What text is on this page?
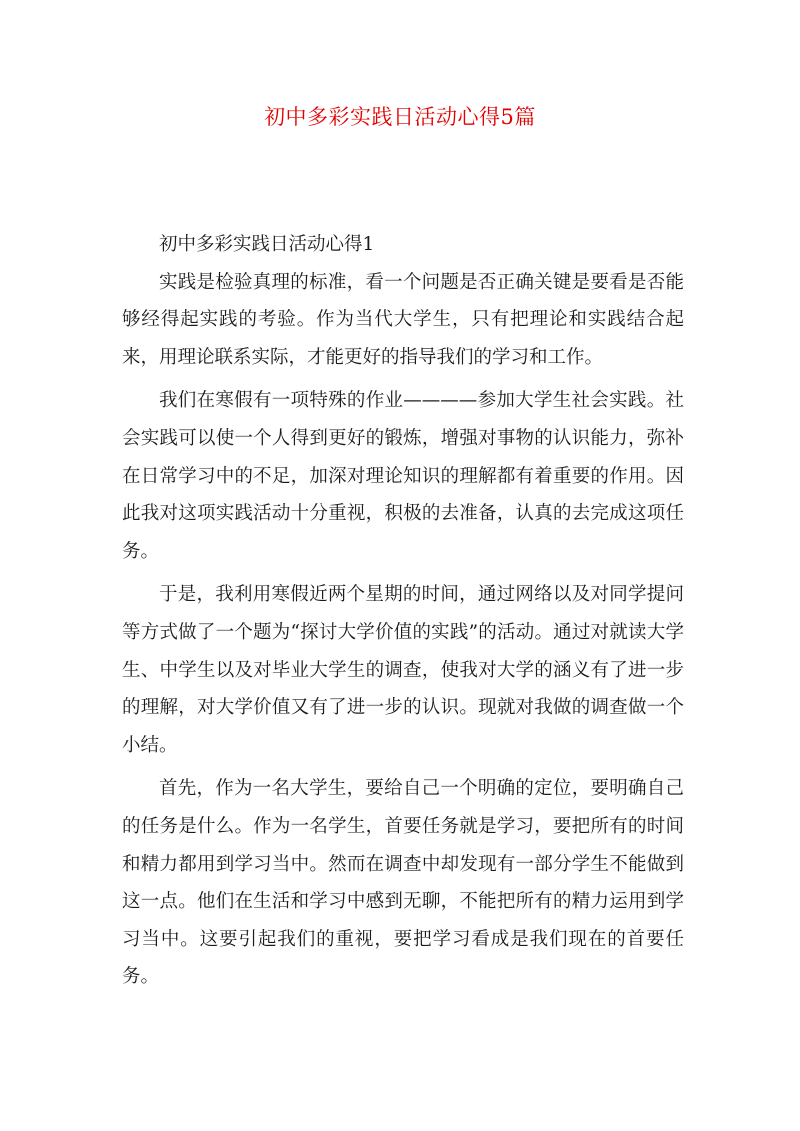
初中多彩实践日活动心得5篇

初中多彩实践日活动心得1

实践是检验真理的标准，看一个问题是否正确关键是要看是否能够经得起实践的考验。作为当代大学生，只有把理论和实践结合起来，用理论联系实际，才能更好的指导我们的学习和工作。

我们在寒假有一项特殊的作业————参加大学生社会实践。社会实践可以使一个人得到更好的锻炼，增强对事物的认识能力，弥补在日常学习中的不足，加深对理论知识的理解都有着重要的作用。因此我对这项实践活动十分重视，积极的去准备，认真的去完成这项任务。

于是，我利用寒假近两个星期的时间，通过网络以及对同学提问等方式做了一个题为“探讨大学价值的实践”的活动。通过对就读大学生、中学生以及对毕业大学生的调查，使我对大学的涵义有了进一步的理解，对大学价值又有了进一步的认识。现就对我做的调查做一个小结。

首先，作为一名大学生，要给自己一个明确的定位，要明确自己的任务是什么。作为一名学生，首要任务就是学习，要把所有的时间和精力都用到学习当中。然而在调查中却发现有一部分学生不能做到这一点。他们在生活和学习中感到无聊，不能把所有的精力运用到学习当中。这要引起我们的重视，要把学习看成是我们现在的首要任务。
